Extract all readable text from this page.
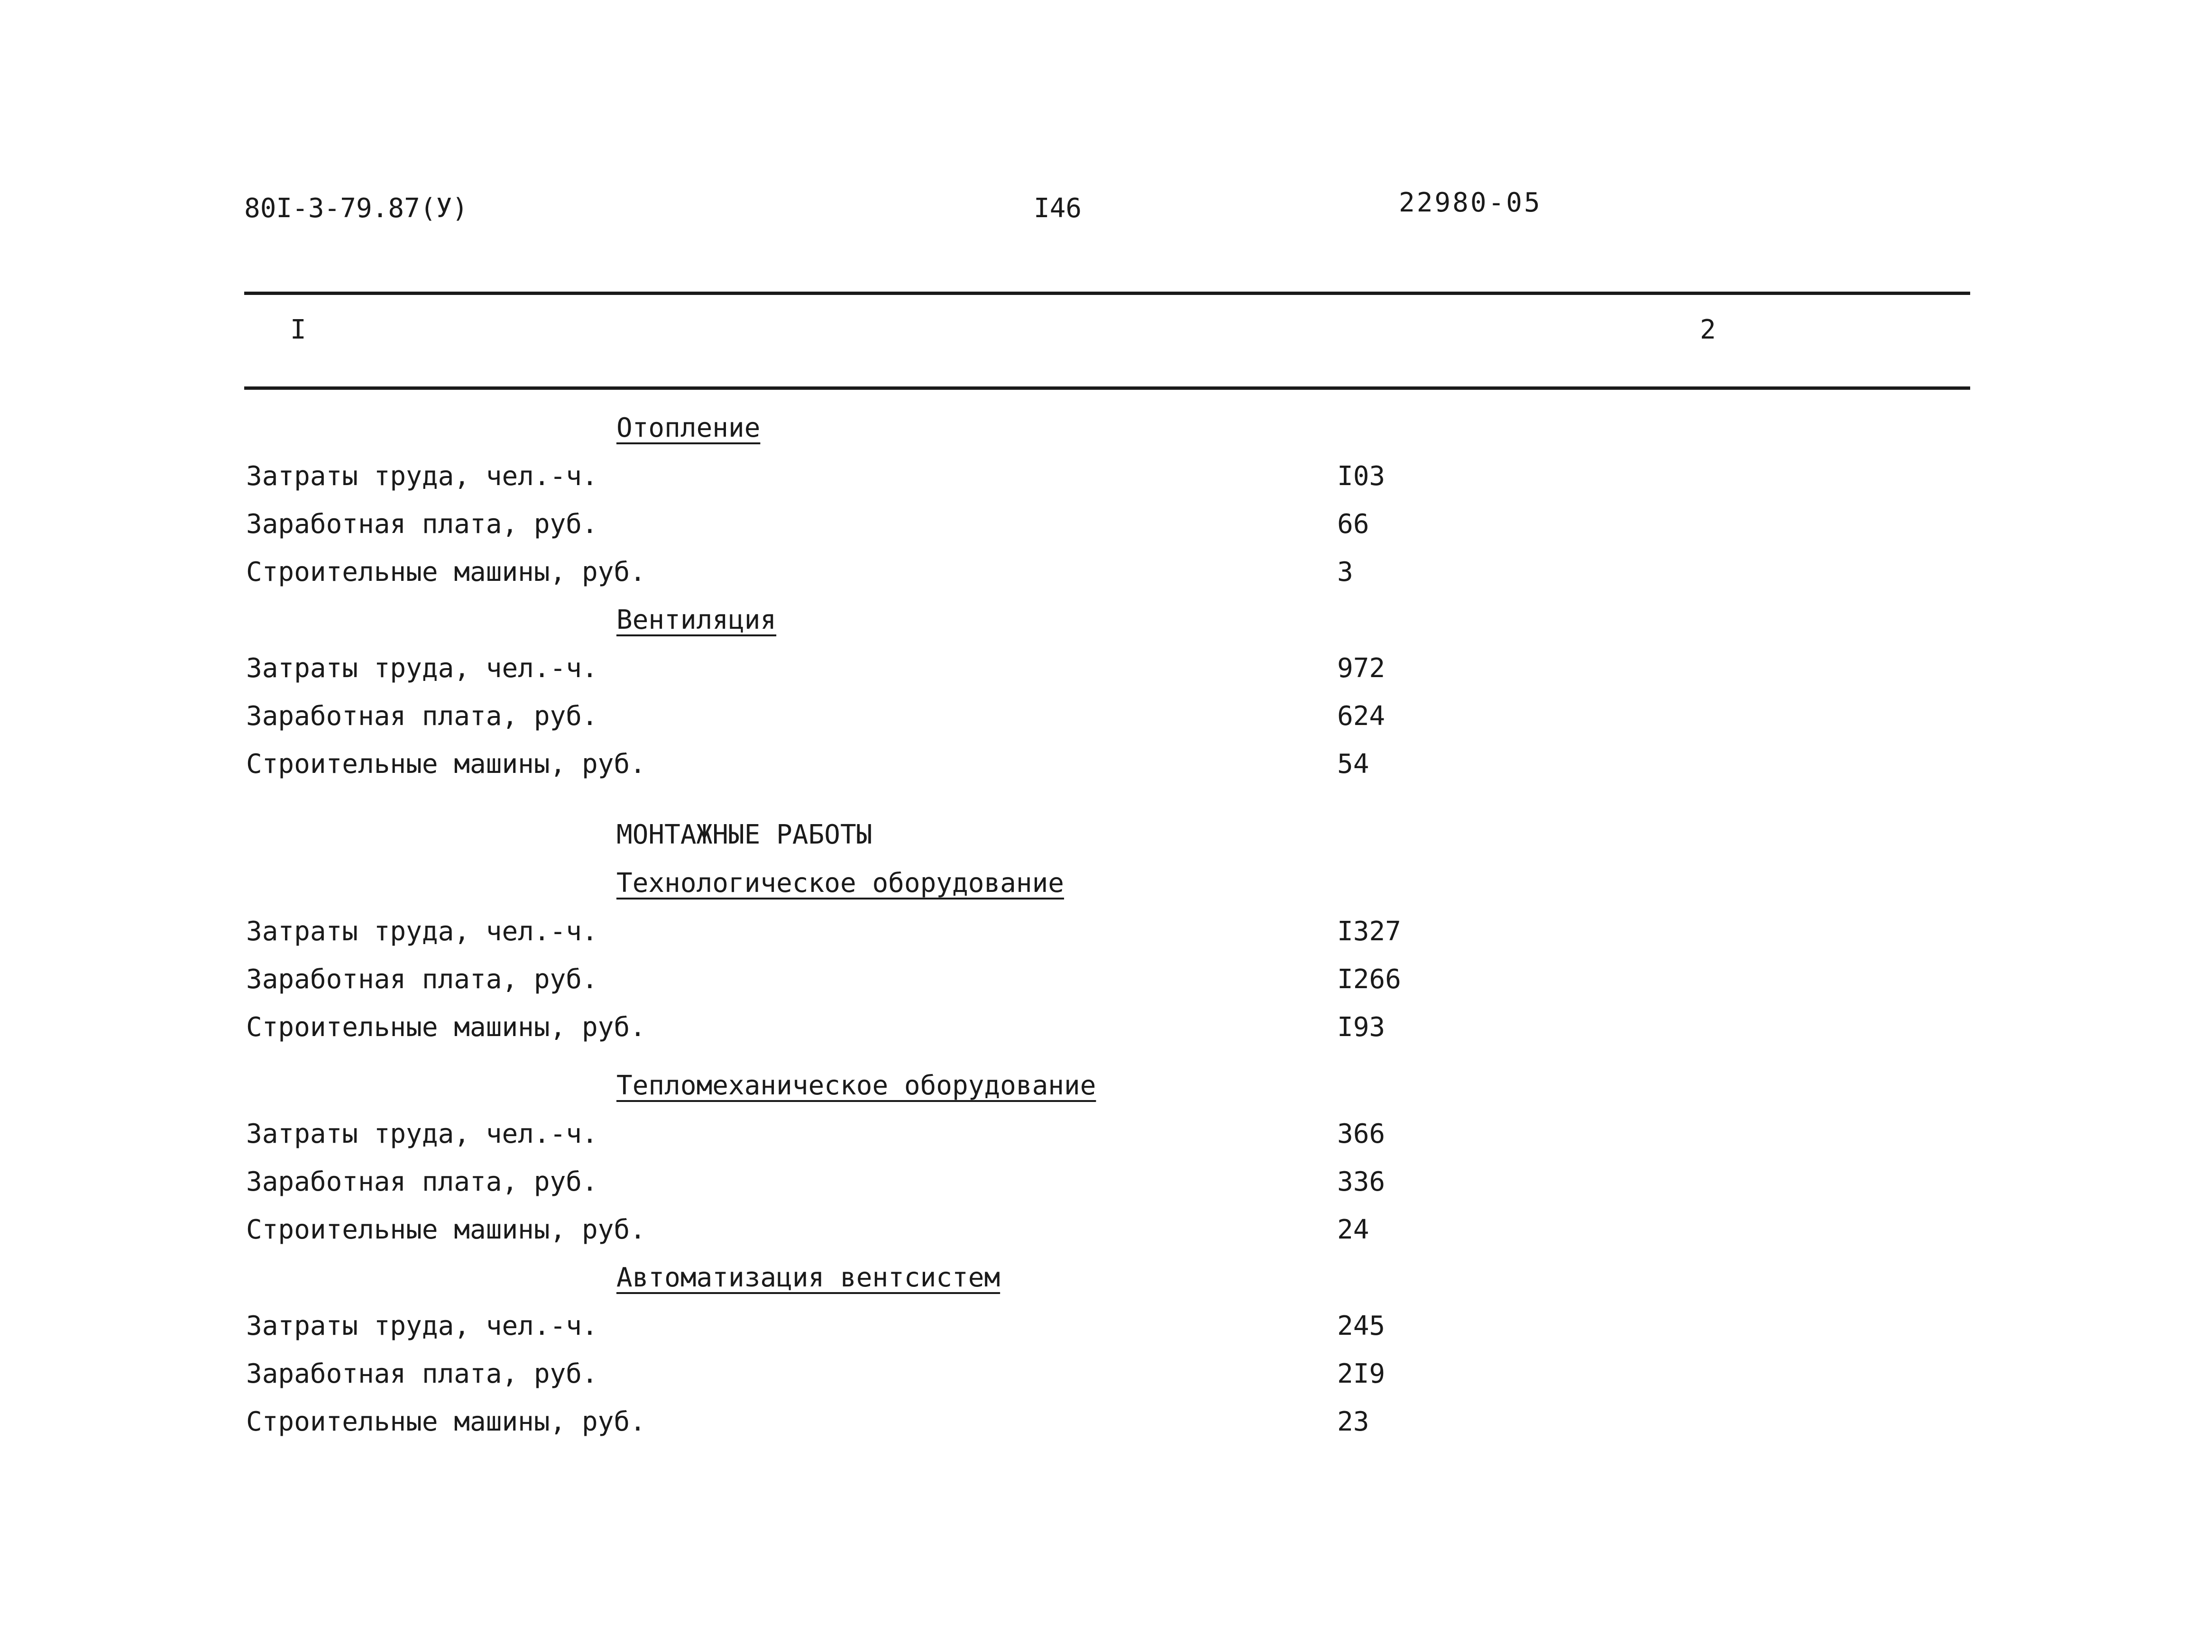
80I-3-79.87(У)	I46	22980-05
I	2
Отопление
Затраты труда, чел.-ч.	I03
Заработная плата, руб.	66
Строительные машины, руб.	3
Вентиляция
Затраты труда, чел.-ч.	972
Заработная плата, руб.	624
Строительные машины, руб.	54
МОНТАЖНЫЕ РАБОТЫ
Технологическое оборудование
Затраты труда, чел.-ч.	I327
Заработная плата, руб.	I266
Строительные машины, руб.	I93
Тепломеханическое оборудование
Затраты труда, чел.-ч.	366
Заработная плата, руб.	336
Строительные машины, руб.	24
Автоматизация вентсистем
Затраты труда, чел.-ч.	245
Заработная плата, руб.	2I9
Строительные машины, руб.	23
